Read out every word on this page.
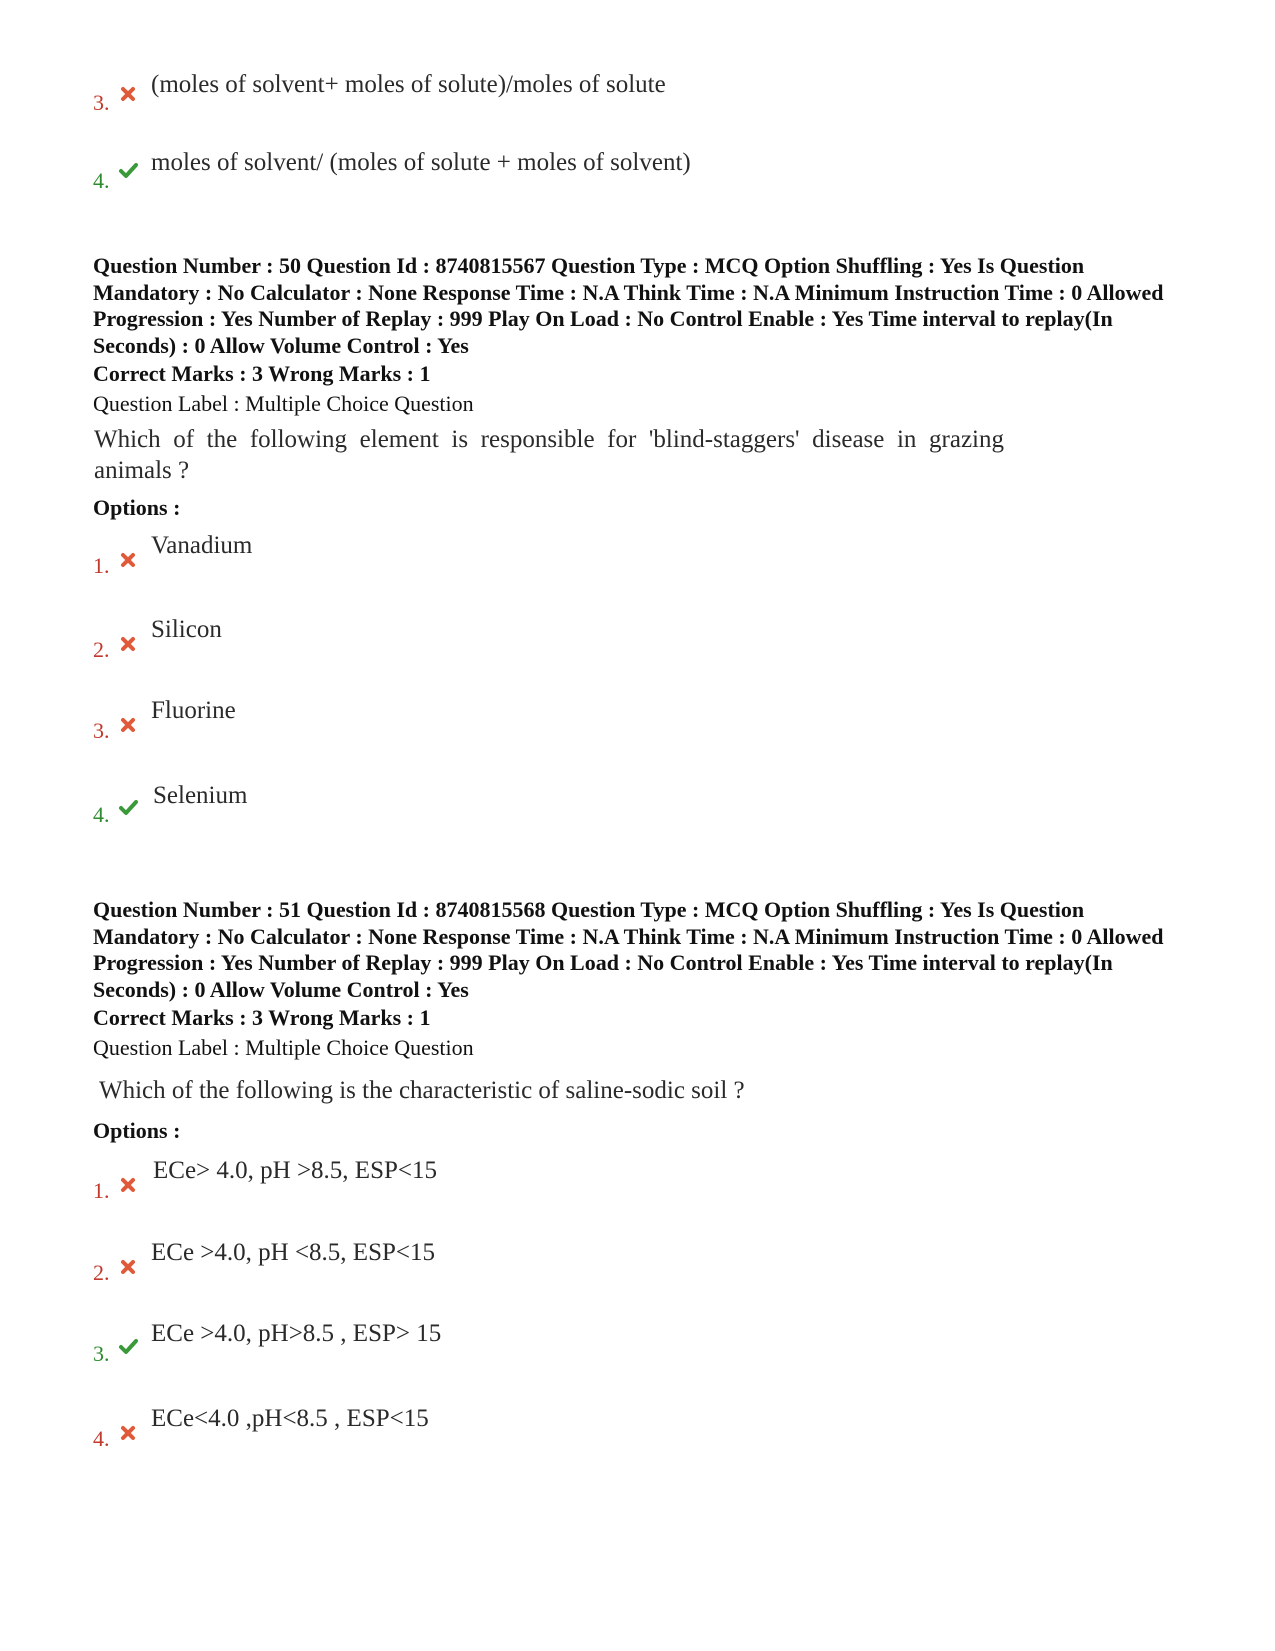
3.
(moles of solvent+ moles of solute)/moles of solute
4.
moles of solvent/ (moles of solute + moles of solvent)
Question Number : 50 Question Id : 8740815567 Question Type : MCQ Option Shuffling : Yes Is Question Mandatory : No Calculator : None Response Time : N.A Think Time : N.A Minimum Instruction Time : 0 Allowed Progression : Yes Number of Replay : 999 Play On Load : No Control Enable : Yes Time interval to replay(In Seconds) : 0 Allow Volume Control : Yes
Correct Marks : 3 Wrong Marks : 1
Question Label : Multiple Choice Question
Which of the following element is responsible for 'blind-staggers' disease in grazing animals ?
Options :
1.
Vanadium
2.
Silicon
3.
Fluorine
4.
Selenium
Question Number : 51 Question Id : 8740815568 Question Type : MCQ Option Shuffling : Yes Is Question Mandatory : No Calculator : None Response Time : N.A Think Time : N.A Minimum Instruction Time : 0 Allowed Progression : Yes Number of Replay : 999 Play On Load : No Control Enable : Yes Time interval to replay(In Seconds) : 0 Allow Volume Control : Yes
Correct Marks : 3 Wrong Marks : 1
Question Label : Multiple Choice Question
Which of the following is the characteristic of saline-sodic soil ?
Options :
1.
ECe> 4.0, pH >8.5, ESP<15
2.
ECe >4.0, pH <8.5, ESP<15
3.
ECe >4.0, pH>8.5 , ESP> 15
4.
ECe<4.0 ,pH<8.5 , ESP<15
